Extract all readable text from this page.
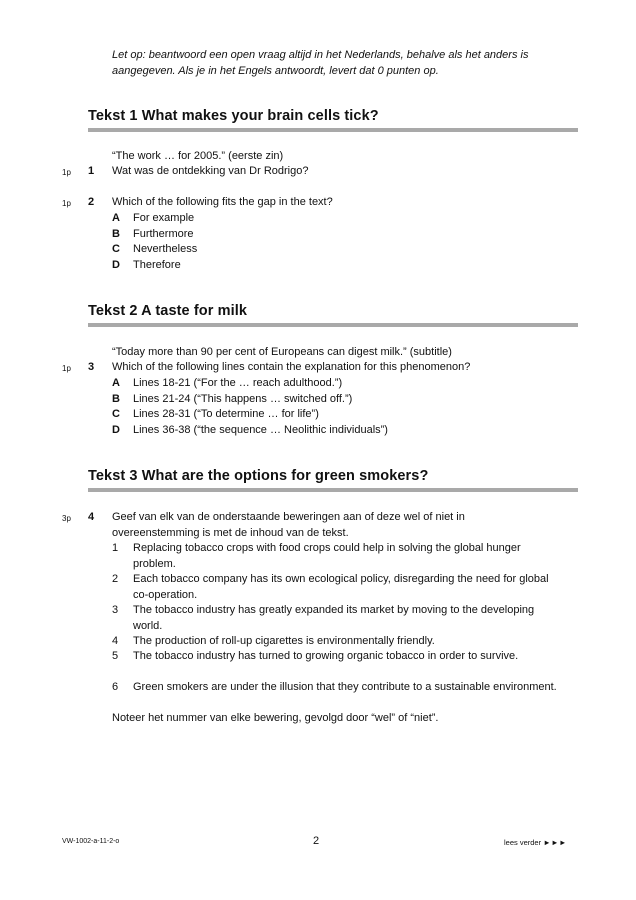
Let op: beantwoord een open vraag altijd in het Nederlands, behalve als het anders is aangegeven. Als je in het Engels antwoordt, levert dat 0 punten op.
Tekst 1 What makes your brain cells tick?
“The work … for 2005.” (eerste zin)
1p 1 Wat was de ontdekking van Dr Rodrigo?
1p 2 Which of the following fits the gap in the text?
A For example
B Furthermore
C Nevertheless
D Therefore
Tekst 2 A taste for milk
“Today more than 90 per cent of Europeans can digest milk.” (subtitle)
1p 3 Which of the following lines contain the explanation for this phenomenon?
A Lines 18-21 (“For the … reach adulthood.”)
B Lines 21-24 (“This happens … switched off.”)
C Lines 28-31 (“To determine … for life”)
D Lines 36-38 (“the sequence … Neolithic individuals”)
Tekst 3 What are the options for green smokers?
3p 4 Geef van elk van de onderstaande beweringen aan of deze wel of niet in
overeenstemming is met de inhoud van de tekst.
1 Replacing tobacco crops with food crops could help in solving the global hunger problem.
2 Each tobacco company has its own ecological policy, disregarding the need for global co-operation.
3 The tobacco industry has greatly expanded its market by moving to the developing world.
4 The production of roll-up cigarettes is environmentally friendly.
5 The tobacco industry has turned to growing organic tobacco in order to survive.
6 Green smokers are under the illusion that they contribute to a sustainable environment.
Noteer het nummer van elke bewering, gevolgd door “wel” of “niet”.
VW-1002-a-11-2-o	2	lees verder ►►►
